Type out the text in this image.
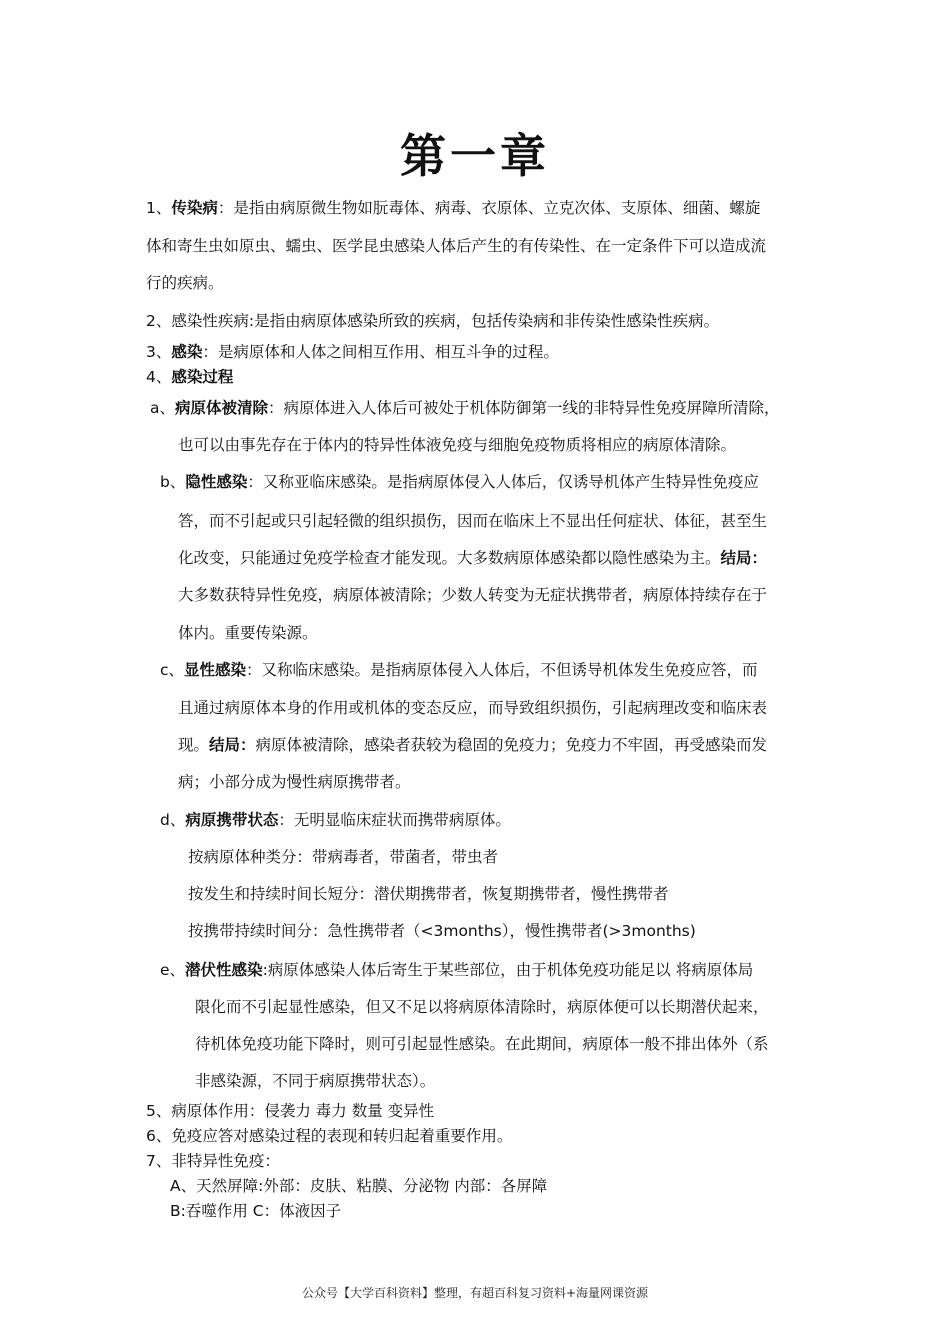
第一章
1、传染病：是指由病原微生物如朊毒体、病毒、衣原体、立克次体、支原体、细菌、螺旋
体和寄生虫如原虫、蠕虫、医学昆虫感染人体后产生的有传染性、在一定条件下可以造成流
行的疾病。
2、感染性疾病:是指由病原体感染所致的疾病，包括传染病和非传染性感染性疾病。
3、感染：是病原体和人体之间相互作用、相互斗争的过程。
4、感染过程
a、病原体被清除：病原体进入人体后可被处于机体防御第一线的非特异性免疫屏障所清除，
也可以由事先存在于体内的特异性体液免疫与细胞免疫物质将相应的病原体清除。
b、隐性感染：又称亚临床感染。是指病原体侵入人体后，仅诱导机体产生特异性免疫应
答，而不引起或只引起轻微的组织损伤，因而在临床上不显出任何症状、体征，甚至生
化改变，只能通过免疫学检查才能发现。大多数病原体感染都以隐性感染为主。结局：
大多数获特异性免疫，病原体被清除；少数人转变为无症状携带者，病原体持续存在于
体内。重要传染源。
c、显性感染：又称临床感染。是指病原体侵入人体后，不但诱导机体发生免疫应答，而
且通过病原体本身的作用或机体的变态反应，而导致组织损伤，引起病理改变和临床表
现。结局：病原体被清除，感染者获较为稳固的免疫力；免疫力不牢固，再受感染而发
病；小部分成为慢性病原携带者。
d、病原携带状态：无明显临床症状而携带病原体。
按病原体种类分：带病毒者，带菌者，带虫者
按发生和持续时间长短分：潜伏期携带者，恢复期携带者，慢性携带者
按携带持续时间分：急性携带者（<3months），慢性携带者(>3months)
e、潜伏性感染:病原体感染人体后寄生于某些部位，由于机体免疫功能足以 将病原体局
限化而不引起显性感染，但又不足以将病原体清除时，病原体便可以长期潜伏起来，
待机体免疫功能下降时，则可引起显性感染。在此期间，病原体一般不排出体外（系
非感染源，不同于病原携带状态）。
5、病原体作用：侵袭力 毒力 数量 变异性
6、免疫应答对感染过程的表现和转归起着重要作用。
7、非特异性免疫：
A、天然屏障:外部：皮肤、粘膜、分泌物 内部：各屏障
B:吞噬作用 C：体液因子
公众号【大学百科资料】整理，有超百科复习资料+海量网课资源
